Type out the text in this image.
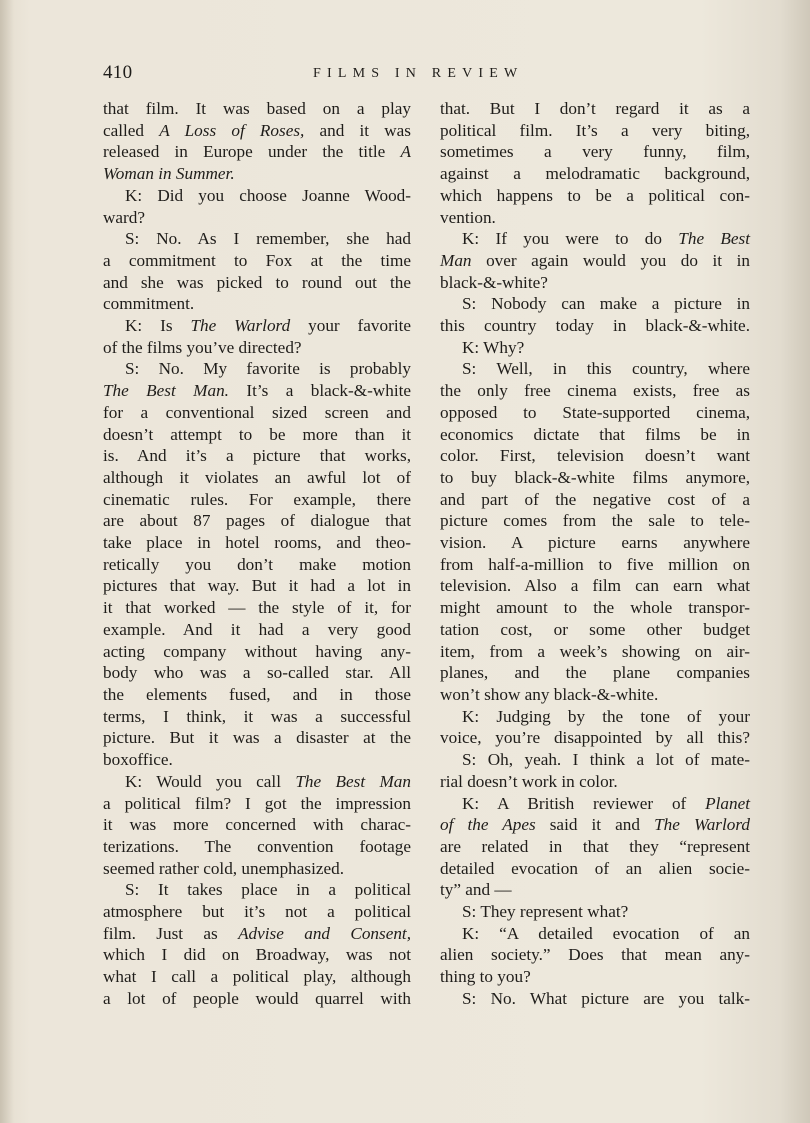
410	FILMS IN REVIEW
that film. It was based on a play
called A Loss of Roses, and it was
released in Europe under the title A
Woman in Summer.
K: Did you choose Joanne Wood-
ward?
S: No. As I remember, she had
a commitment to Fox at the time
and she was picked to round out the
commitment.
K: Is The Warlord your favorite
of the films you’ve directed?
S: No. My favorite is probably
The Best Man. It’s a black-&-white
for a conventional sized screen and
doesn’t attempt to be more than it
is. And it’s a picture that works,
although it violates an awful lot of
cinematic rules. For example, there
are about 87 pages of dialogue that
take place in hotel rooms, and theo-
retically you don’t make motion
pictures that way. But it had a lot in
it that worked — the style of it, for
example. And it had a very good
acting company without having any-
body who was a so-called star. All
the elements fused, and in those
terms, I think, it was a successful
picture. But it was a disaster at the
boxoffice.
K: Would you call The Best Man
a political film? I got the impression
it was more concerned with charac-
terizations. The convention footage
seemed rather cold, unemphasized.
S: It takes place in a political
atmosphere but it’s not a political
film. Just as Advise and Consent,
which I did on Broadway, was not
what I call a political play, although
a lot of people would quarrel with
that. But I don’t regard it as a
political film. It’s a very biting,
sometimes a very funny, film,
against a melodramatic background,
which happens to be a political con-
vention.
K: If you were to do The Best
Man over again would you do it in
black-&-white?
S: Nobody can make a picture in
this country today in black-&-white.
K: Why?
S: Well, in this country, where
the only free cinema exists, free as
opposed to State-supported cinema,
economics dictate that films be in
color. First, television doesn’t want
to buy black-&-white films anymore,
and part of the negative cost of a
picture comes from the sale to tele-
vision. A picture earns anywhere
from half-a-million to five million on
television. Also a film can earn what
might amount to the whole transpor-
tation cost, or some other budget
item, from a week’s showing on air-
planes, and the plane companies
won’t show any black-&-white.
K: Judging by the tone of your
voice, you’re disappointed by all this?
S: Oh, yeah. I think a lot of mate-
rial doesn’t work in color.
K: A British reviewer of Planet
of the Apes said it and The Warlord
are related in that they “represent
detailed evocation of an alien socie-
ty” and —
S: They represent what?
K: “A detailed evocation of an
alien society.” Does that mean any-
thing to you?
S: No. What picture are you talk-
